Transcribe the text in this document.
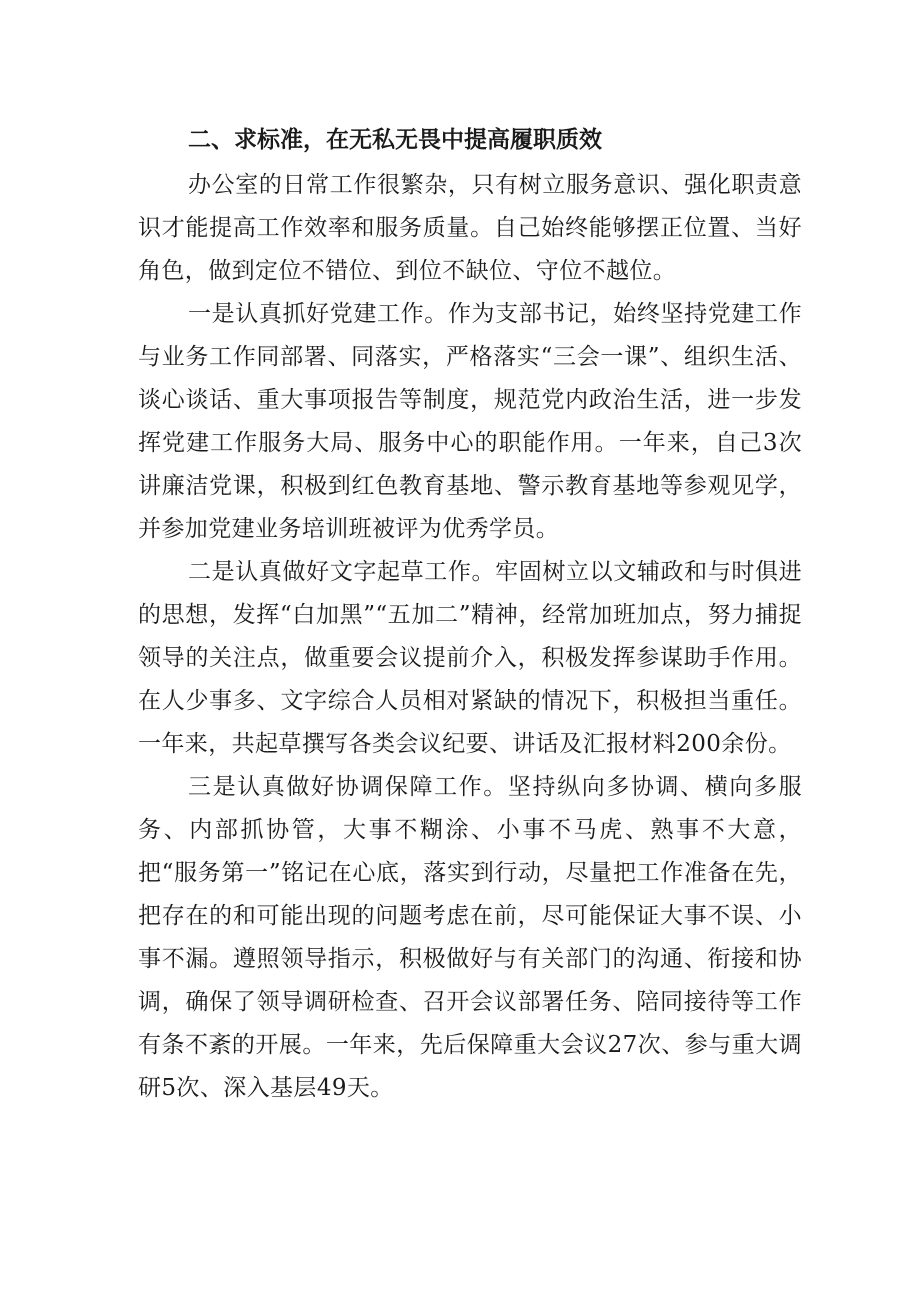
二、求标准，在无私无畏中提高履职质效

办公室的日常工作很繁杂，只有树立服务意识、强化职责意识才能提高工作效率和服务质量。自己始终能够摆正位置、当好角色，做到定位不错位、到位不缺位、守位不越位。

一是认真抓好党建工作。作为支部书记，始终坚持党建工作与业务工作同部署、同落实，严格落实“三会一课”、组织生活、谈心谈话、重大事项报告等制度，规范党内政治生活，进一步发挥党建工作服务大局、服务中心的职能作用。一年来，自己3次讲廉洁党课，积极到红色教育基地、警示教育基地等参观见学，并参加党建业务培训班被评为优秀学员。

二是认真做好文字起草工作。牢固树立以文辅政和与时俱进的思想，发挥“白加黑”“五加二”精神，经常加班加点，努力捕捉领导的关注点，做重要会议提前介入，积极发挥参谋助手作用。在人少事多、文字综合人员相对紧缺的情况下，积极担当重任。一年来，共起草撰写各类会议纪要、讲话及汇报材料200余份。

三是认真做好协调保障工作。坚持纵向多协调、横向多服务、内部抓协管，大事不糊涂、小事不马虎、熟事不大意，把“服务第一”铭记在心底，落实到行动，尽量把工作准备在先，把存在的和可能出现的问题考虑在前，尽可能保证大事不误、小事不漏。遵照领导指示，积极做好与有关部门的沟通、衔接和协调，确保了领导调研检查、召开会议部署任务、陪同接待等工作有条不紊的开展。一年来，先后保障重大会议27次、参与重大调研5次、深入基层49天。
